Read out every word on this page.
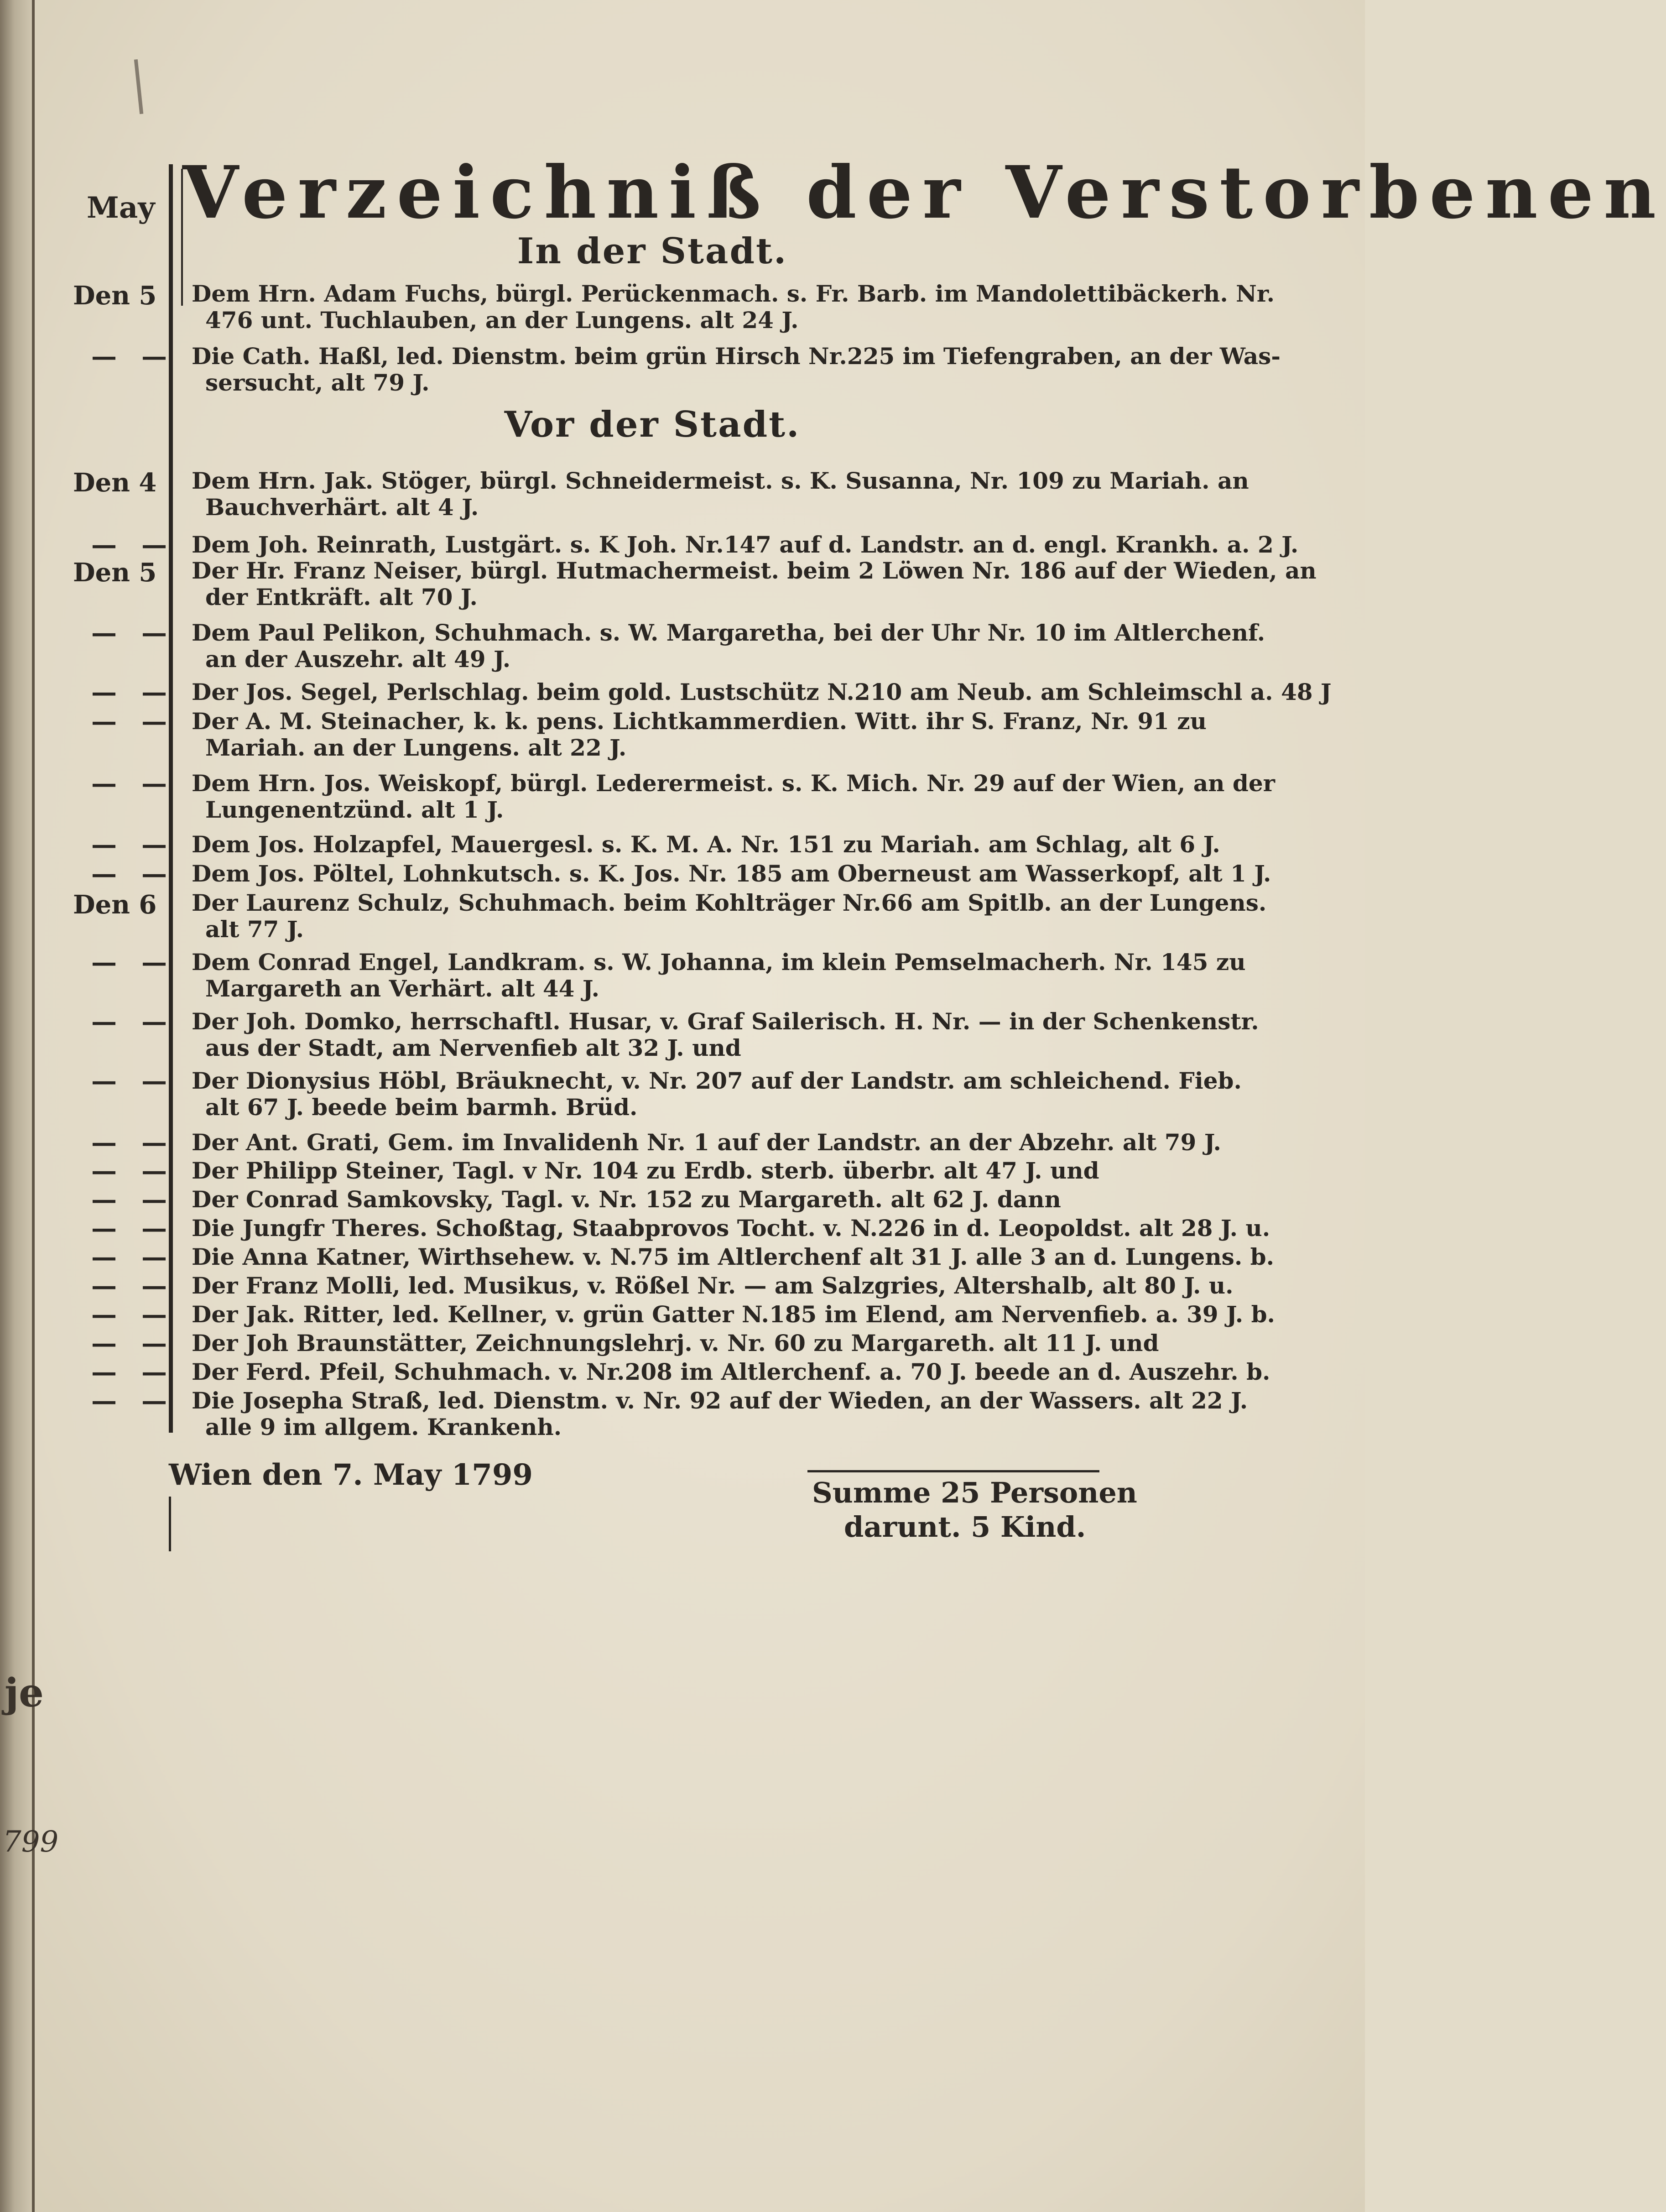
je
799
May Verzeichniß der Verstorbenen
In der Stadt.
Vor der Stadt.
Dem Hrn. Adam Fuchs, bürgl. Perückenmach. s. Fr. Barb. im Mandolettibäckerh. Nr.
476 unt. Tuchlauben, an der Lungens. alt 24 J.
Den 5
Die Cath. Haßl, led. Dienstm. beim grün Hirsch Nr.225 im Tiefengraben, an der Was-
sersucht, alt 79 J.
— —
Dem Hrn. Jak. Stöger, bürgl. Schneidermeist. s. K. Susanna, Nr. 109 zu Mariah. an
Bauchverhärt. alt 4 J.
Den 4
Dem Joh. Reinrath, Lustgärt. s. K Joh. Nr.147 auf d. Landstr. an d. engl. Krankh. a. 2 J.
— —
Der Hr. Franz Neiser, bürgl. Hutmachermeist. beim 2 Löwen Nr. 186 auf der Wieden, an
der Entkräft. alt 70 J.
Den 5
Dem Paul Pelikon, Schuhmach. s. W. Margaretha, bei der Uhr Nr. 10 im Altlerchenf.
an der Auszehr. alt 49 J.
— —
Der Jos. Segel, Perlschlag. beim gold. Lustschütz N.210 am Neub. am Schleimschl a. 48 J
— —
Der A. M. Steinacher, k. k. pens. Lichtkammerdien. Witt. ihr S. Franz, Nr. 91 zu
Mariah. an der Lungens. alt 22 J.
— —
Dem Hrn. Jos. Weiskopf, bürgl. Lederermeist. s. K. Mich. Nr. 29 auf der Wien, an der
Lungenentzünd. alt 1 J.
— —
Dem Jos. Holzapfel, Mauergesl. s. K. M. A. Nr. 151 zu Mariah. am Schlag, alt 6 J.
— —
Dem Jos. Pöltel, Lohnkutsch. s. K. Jos. Nr. 185 am Oberneust am Wasserkopf, alt 1 J.
— —
Der Laurenz Schulz, Schuhmach. beim Kohlträger Nr.66 am Spitlb. an der Lungens.
alt 77 J.
Den 6
Dem Conrad Engel, Landkram. s. W. Johanna, im klein Pemselmacherh. Nr. 145 zu
Margareth an Verhärt. alt 44 J.
— —
Der Joh. Domko, herrschaftl. Husar, v. Graf Sailerisch. H. Nr. — in der Schenkenstr.
aus der Stadt, am Nervenfieb alt 32 J. und
— —
Der Dionysius Höbl, Bräuknecht, v. Nr. 207 auf der Landstr. am schleichend. Fieb.
alt 67 J. beede beim barmh. Brüd.
— —
Der Ant. Grati, Gem. im Invalidenh Nr. 1 auf der Landstr. an der Abzehr. alt 79 J.
— —
Der Philipp Steiner, Tagl. v Nr. 104 zu Erdb. sterb. überbr. alt 47 J. und
— —
Der Conrad Samkovsky, Tagl. v. Nr. 152 zu Margareth. alt 62 J. dann
— —
Die Jungfr Theres. Schoßtag, Staabprovos Tocht. v. N.226 in d. Leopoldst. alt 28 J. u.
— —
Die Anna Katner, Wirthsehew. v. N.75 im Altlerchenf alt 31 J. alle 3 an d. Lungens. b.
— —
Der Franz Molli, led. Musikus, v. Rößel Nr. — am Salzgries, Altershalb, alt 80 J. u.
— —
Der Jak. Ritter, led. Kellner, v. grün Gatter N.185 im Elend, am Nervenfieb. a. 39 J. b.
— —
Der Joh Braunstätter, Zeichnungslehrj. v. Nr. 60 zu Margareth. alt 11 J. und
— —
Der Ferd. Pfeil, Schuhmach. v. Nr.208 im Altlerchenf. a. 70 J. beede an d. Auszehr. b.
— —
Die Josepha Straß, led. Dienstm. v. Nr. 92 auf der Wieden, an der Wassers. alt 22 J.
alle 9 im allgem. Krankenh.
— —
Wien den 7. May 1799
Summe 25 Personen
darunt. 5 Kind.
